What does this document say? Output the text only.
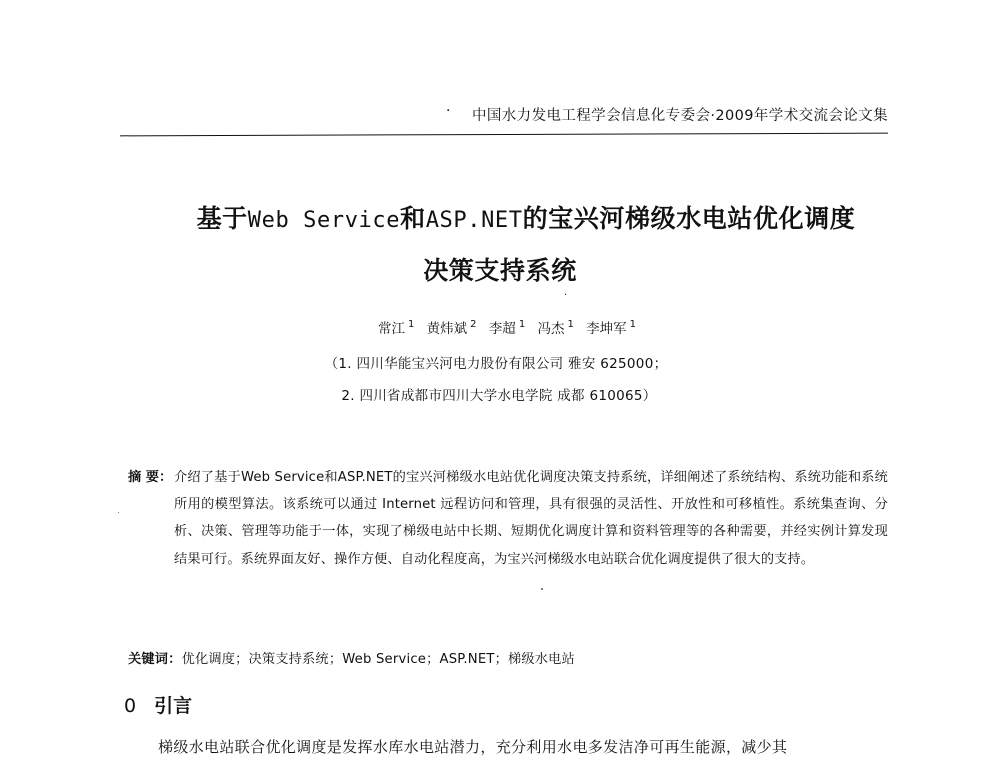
· 中国水力发电工程学会信息化专委会·2009年学术交流会论文集
基于Web Service和ASP.NET的宝兴河梯级水电站优化调度
决策支持系统
·
常江 $^1$ 黄炜斌 $^2$ 李超 $^1$ 冯杰 $^1$ 李坤军 $^1$
（1. 四川华能宝兴河电力股份有限公司 雅安 625000；
2. 四川省成都市四川大学水电学院 成都 610065）
摘 要： 介绍了基于Web Service和ASP.NET的宝兴河梯级水电站优化调度决策支持系统，详细阐述了系统结构、系统功能和系统所用的模型算法。该系统可以通过 Internet 远程访问和管理，具有很强的灵活性、开放性和可移植性。系统集查询、分析、决策、管理等功能于一体，实现了梯级电站中长期、短期优化调度计算和资料管理等的各种需要，并经实例计算发现结果可行。系统界面友好、操作方便、自动化程度高，为宝兴河梯级水电站联合优化调度提供了很大的支持。
关键词：优化调度；决策支持系统；Web Service；ASP.NET；梯级水电站
0 引言
梯级水电站联合优化调度是发挥水库水电站潜力，充分利用水电多发洁净可再生能源，减少其
